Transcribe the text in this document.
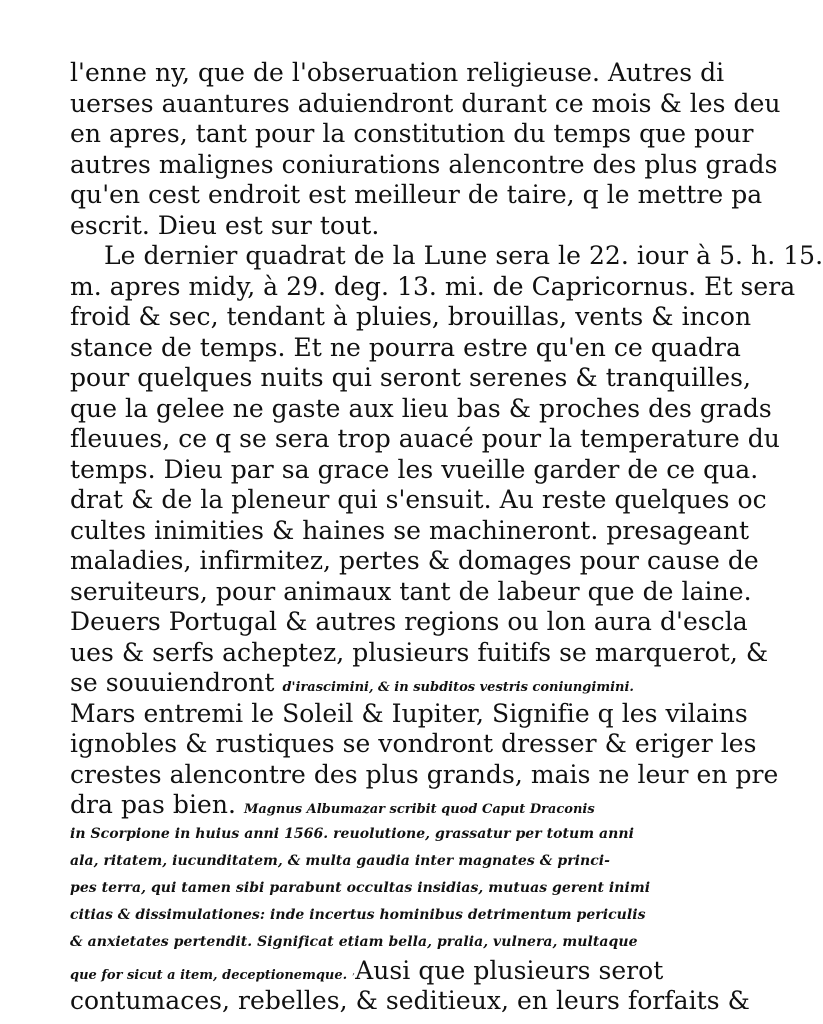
l'enne ny, que de l'obseruation religieuse. Autres di
uerses auantures aduiendront durant ce mois & les deu
en apres, tant pour la constitution du temps que pour
autres malignes coniurations alencontre des plus grads
qu'en cest endroit est meilleur de taire, q le mettre pa
escrit. Dieu est sur tout.
Le dernier quadrat de la Lune sera le 22. iour à 5. h. 15.
m. apres midy, à 29. deg. 13. mi. de Capricornus. Et sera
froid & sec, tendant à pluies, brouillas, vents & incon
stance de temps. Et ne pourra estre qu'en ce quadra
pour quelques nuits qui seront serenes & tranquilles,
que la gelee ne gaste aux lieu bas & proches des grads
fleuues, ce q se sera trop auacé pour la temperature du
temps. Dieu par sa grace les vueille garder de ce qua.
drat & de la pleneur qui s'ensuit. Au reste quelques oc
cultes inimities & haines se machineront. presageant
maladies, infirmitez, pertes & domages pour cause de
seruiteurs, pour animaux tant de labeur que de laine.
Deuers Portugal & autres regions ou lon aura d'escla
ues & serfs acheptez, plusieurs fuitifs se marquerot, &
se souuiendront d'irascimini, & in subditos vestris coniungimini.
Mars entremi le Soleil & Iupiter, Signifie q les vilains
ignobles & rustiques se vondront dresser & eriger les
crestes alencontre des plus grands, mais ne leur en pre
dra pas bien. Magnus Albumazar scribit quod Caput Draconis
in Scorpione in huius anni 1566. reuolutione, grassatur per totum anni
ala, ritatem, iucunditatem, & multa gaudia inter magnates & princi-
pes terra, qui tamen sibi parabunt occultas insidias, mutuas gerent inimi
citias & dissimulationes: inde incertus hominibus detrimentum periculis
& anxietates pertendit. Significat etiam bella, pralia, vulnera, multaque
que for sicut a item, deceptionemque. Ausi que plusieurs serot
contumaces, rebelles, & seditieux, en leurs forfaits &
,
